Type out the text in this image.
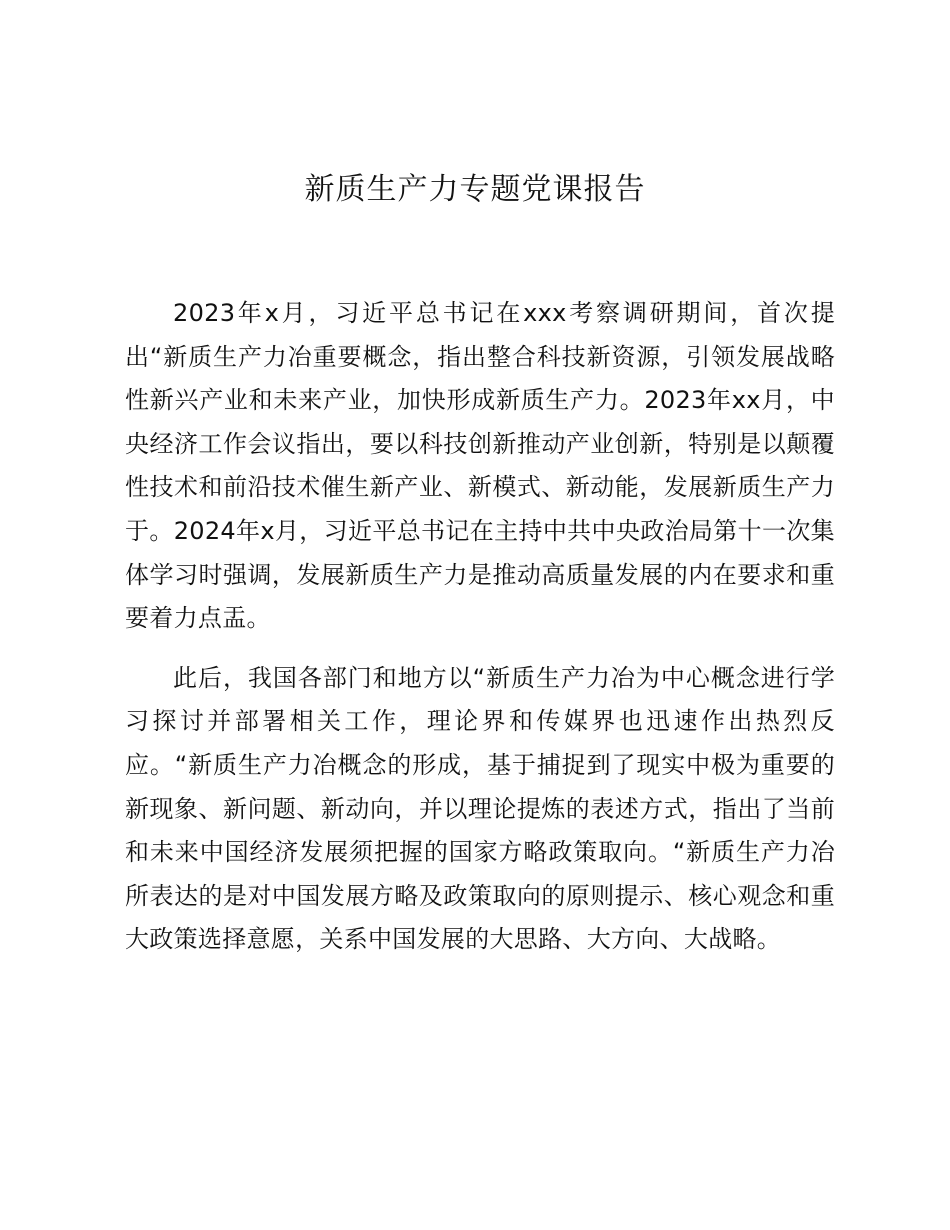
新质生产力专题党课报告

2023年x月，习近平总书记在xxx考察调研期间，首次提出“新质生产力冶重要概念，指出整合科技新资源，引领发展战略性新兴产业和未来产业，加快形成新质生产力。2023年xx月，中央经济工作会议指出，要以科技创新推动产业创新，特别是以颠覆性技术和前沿技术催生新产业、新模式、新动能，发展新质生产力于。2024年x月，习近平总书记在主持中共中央政治局第十一次集体学习时强调，发展新质生产力是推动高质量发展的内在要求和重要着力点盂。

此后，我国各部门和地方以“新质生产力冶为中心概念进行学习探讨并部署相关工作，理论界和传媒界也迅速作出热烈反应。“新质生产力冶概念的形成，基于捕捉到了现实中极为重要的新现象、新问题、新动向，并以理论提炼的表述方式，指出了当前和未来中国经济发展须把握的国家方略政策取向。“新质生产力冶所表达的是对中国发展方略及政策取向的原则提示、核心观念和重大政策选择意愿，关系中国发展的大思路、大方向、大战略。
